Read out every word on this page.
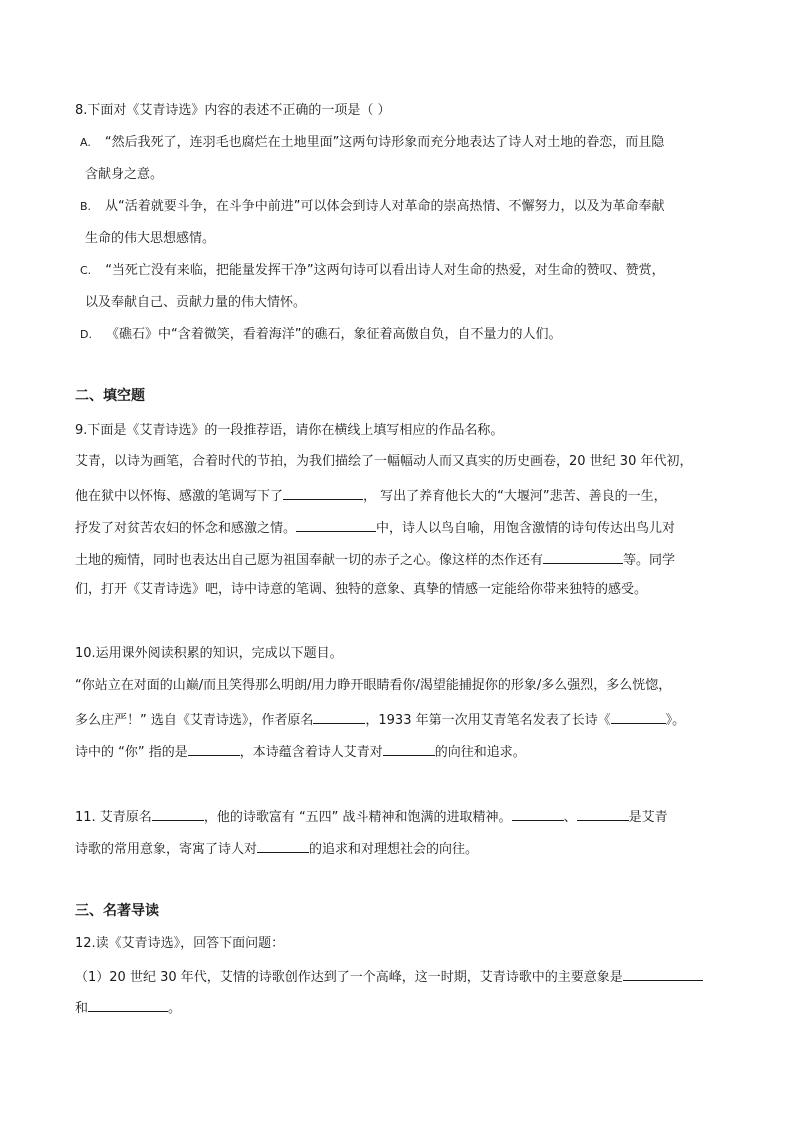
8.下面对《艾青诗选》内容的表述不正确的一项是（ ）
A. “然后我死了，连羽毛也腐烂在土地里面”这两句诗形象而充分地表达了诗人对土地的眷恋，而且隐
含献身之意。
B. 从“活着就要斗争，在斗争中前进”可以体会到诗人对革命的崇高热情、不懈努力，以及为革命奉献
生命的伟大思想感情。
C. “当死亡没有来临，把能量发挥干净”这两句诗可以看出诗人对生命的热爱，对生命的赞叹、赞赏，
以及奉献自己、贡献力量的伟大情怀。
D. 《礁石》中“含着微笑，看着海洋”的礁石，象征着高傲自负，自不量力的人们。
二、填空题
9.下面是《艾青诗选》的一段推荐语，请你在横线上填写相应的作品名称。
艾青，以诗为画笔，合着时代的节拍，为我们描绘了一幅幅动人而又真实的历史画卷，20 世纪 30 年代初，
他在狱中以怀悔、感激的笔调写下了	， 写出了养育他长大的“大堰河”悲苦、善良的一生，
抒发了对贫苦农妇的怀念和感激之情。	中，诗人以鸟自喻，用饱含激情的诗句传达出鸟儿对
土地的痴情，同时也表达出自己愿为祖国奉献一切的赤子之心。像这样的杰作还有	等。同学
们，打开《艾青诗选》吧，诗中诗意的笔调、独特的意象、真挚的情感一定能给你带来独特的感受。
10.运用课外阅读积累的知识，完成以下题目。
“你站立在对面的山巅/而且笑得那么明朗/用力睁开眼睛看你/渴望能捕捉你的形象/多么强烈，多么恍惚，
多么庄严！” 选自《艾青诗选》，作者原名	，1933 年第一次用艾青笔名发表了长诗《	》。
诗中的 “你” 指的是	，本诗蕴含着诗人艾青对	的向往和追求。
11. 艾青原名	，他的诗歌富有 “五四” 战斗精神和饱满的进取精神。	、	是艾青
诗歌的常用意象，寄寓了诗人对	的追求和对理想社会的向往。
三、名著导读
12.读《艾青诗选》，回答下面问题：
（1）20 世纪 30 年代，艾情的诗歌创作达到了一个高峰，这一时期，艾青诗歌中的主要意象是
和	。
